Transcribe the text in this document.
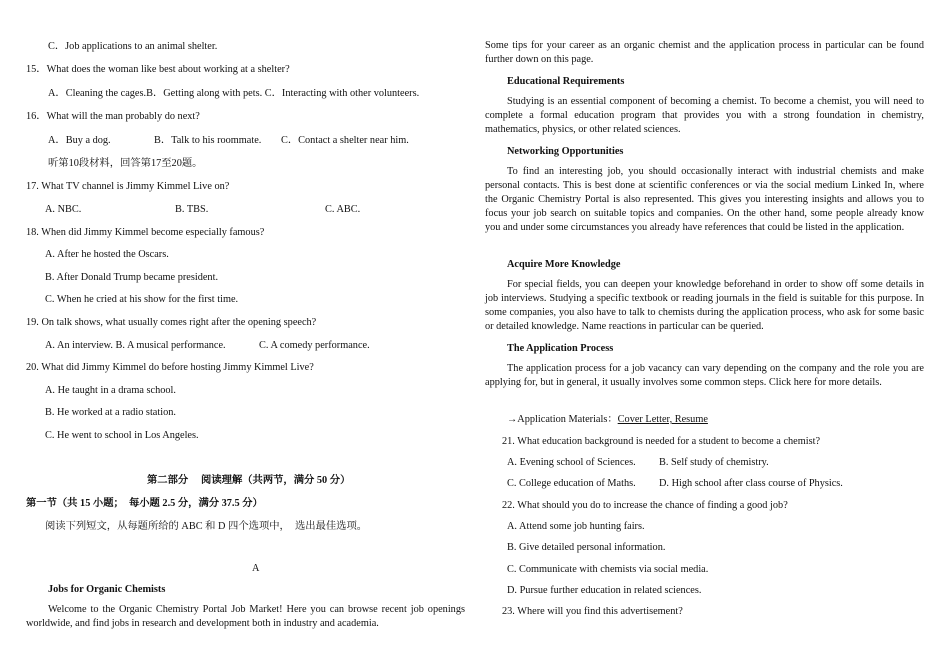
C．Job applications to an animal shelter.
15．What does the woman like best about working at a shelter?
A．Cleaning the cages.B．Getting along with pets. C．Interacting with other volunteers.
16．What will the man probably do next?
A．Buy a dog.	B．Talk to his roommate. C．Contact a shelter near him.
听第10段材料，回答第17至20题。
17. What TV channel is Jimmy Kimmel Live on?
A. NBC.	B. TBS.	C. ABC.
18. When did Jimmy Kimmel become especially famous?
A. After he hosted the Oscars.
B. After Donald Trump became president.
C. When he cried at his show for the first time.
19. On talk shows, what usually comes right after the opening speech?
A. An interview. B. A musical performance.	C. A comedy performance.
20. What did Jimmy Kimmel do before hosting Jimmy Kimmel Live?
A. He taught in a drama school.
B. He worked at a radio station.
C. He went to school in Los Angeles.
第二部分　 阅读理解（共两节，满分 50 分）
第一节（共 15 小题；　每小题 2.5 分，满分 37.5 分）
阅读下列短文，从每题所给的 ABC 和 D 四个选项中，　选出最佳选项。
A
Jobs for Organic Chemists
Welcome to the Organic Chemistry Portal Job Market! Here you can browse recent job openings worldwide, and find jobs in research and development both in industry and academia.
Some tips for your career as an organic chemist and the application process in particular can be found further down on this page.
Educational Requirements
Studying is an essential component of becoming a chemist. To become a chemist, you will need to complete a formal education program that provides you with a strong foundation in chemistry, mathematics, physics, or other related sciences.
Networking Opportunities
To find an interesting job, you should occasionally interact with industrial chemists and make personal contacts. This is best done at scientific conferences or via the social medium Linked In, where the Organic Chemistry Portal is also represented. This gives you interesting insights and allows you to focus your job search on suitable topics and companies. On the other hand, some people already know you and under some circumstances you already have references that could be listed in the application.
Acquire More Knowledge
For special fields, you can deepen your knowledge beforehand in order to show off some details in job interviews. Studying a specific textbook or reading journals in the field is suitable for this purpose. In some companies, you also have to talk to chemists during the application process, who ask for some basic or detailed knowledge. Name reactions in particular can be queried.
The Application Process
The application process for a job vacancy can vary depending on the company and the role you are applying for, but in general, it usually involves some common steps. Click here for more details.
→Application Materials：Cover Letter, Resume
21. What education background is needed for a student to become a chemist?
A. Evening school of Sciences. B. Self study of chemistry.
C. College education of Maths. D. High school after class course of Physics.
22. What should you do to increase the chance of finding a good job?
A. Attend some job hunting fairs.
B. Give detailed personal information.
C. Communicate with chemists via social media.
D. Pursue further education in related sciences.
23. Where will you find this advertisement?
